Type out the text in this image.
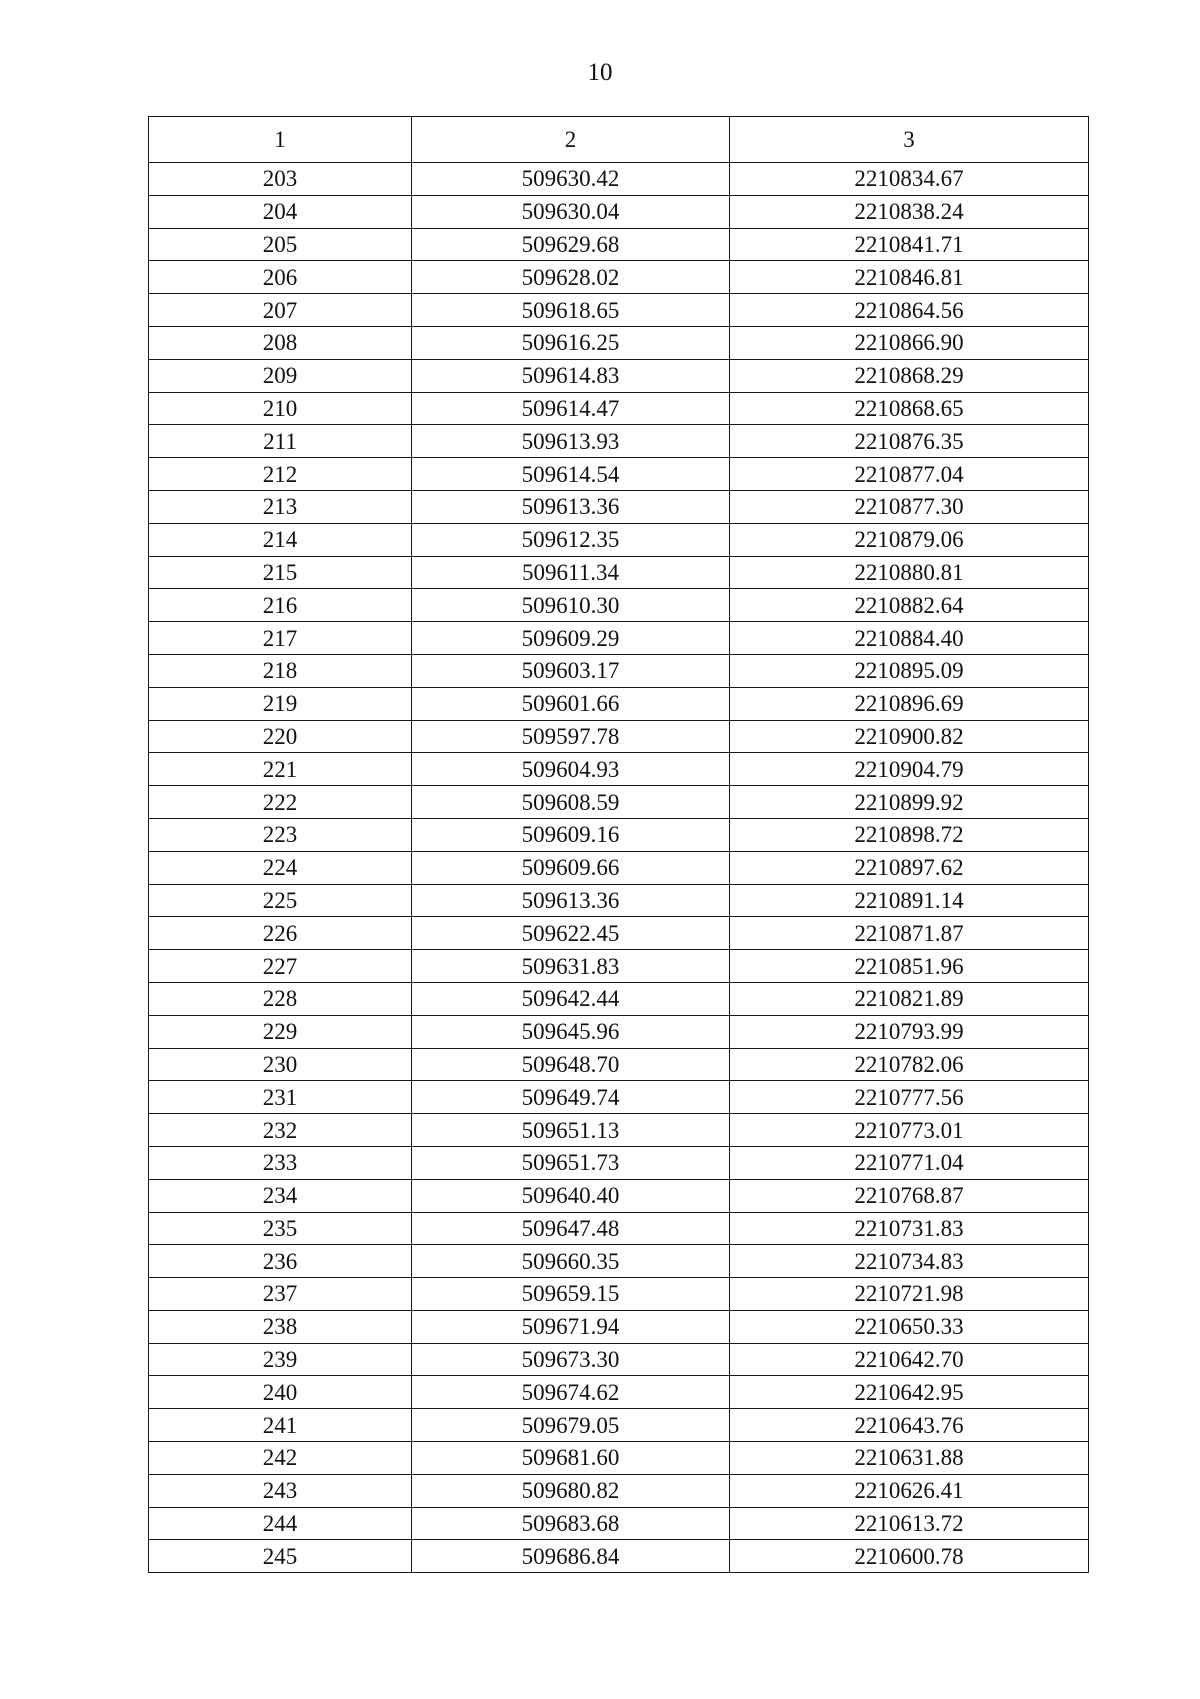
10
1	2	3
203	509630.42	2210834.67
204	509630.04	2210838.24
205	509629.68	2210841.71
206	509628.02	2210846.81
207	509618.65	2210864.56
208	509616.25	2210866.90
209	509614.83	2210868.29
210	509614.47	2210868.65
211	509613.93	2210876.35
212	509614.54	2210877.04
213	509613.36	2210877.30
214	509612.35	2210879.06
215	509611.34	2210880.81
216	509610.30	2210882.64
217	509609.29	2210884.40
218	509603.17	2210895.09
219	509601.66	2210896.69
220	509597.78	2210900.82
221	509604.93	2210904.79
222	509608.59	2210899.92
223	509609.16	2210898.72
224	509609.66	2210897.62
225	509613.36	2210891.14
226	509622.45	2210871.87
227	509631.83	2210851.96
228	509642.44	2210821.89
229	509645.96	2210793.99
230	509648.70	2210782.06
231	509649.74	2210777.56
232	509651.13	2210773.01
233	509651.73	2210771.04
234	509640.40	2210768.87
235	509647.48	2210731.83
236	509660.35	2210734.83
237	509659.15	2210721.98
238	509671.94	2210650.33
239	509673.30	2210642.70
240	509674.62	2210642.95
241	509679.05	2210643.76
242	509681.60	2210631.88
243	509680.82	2210626.41
244	509683.68	2210613.72
245	509686.84	2210600.78
